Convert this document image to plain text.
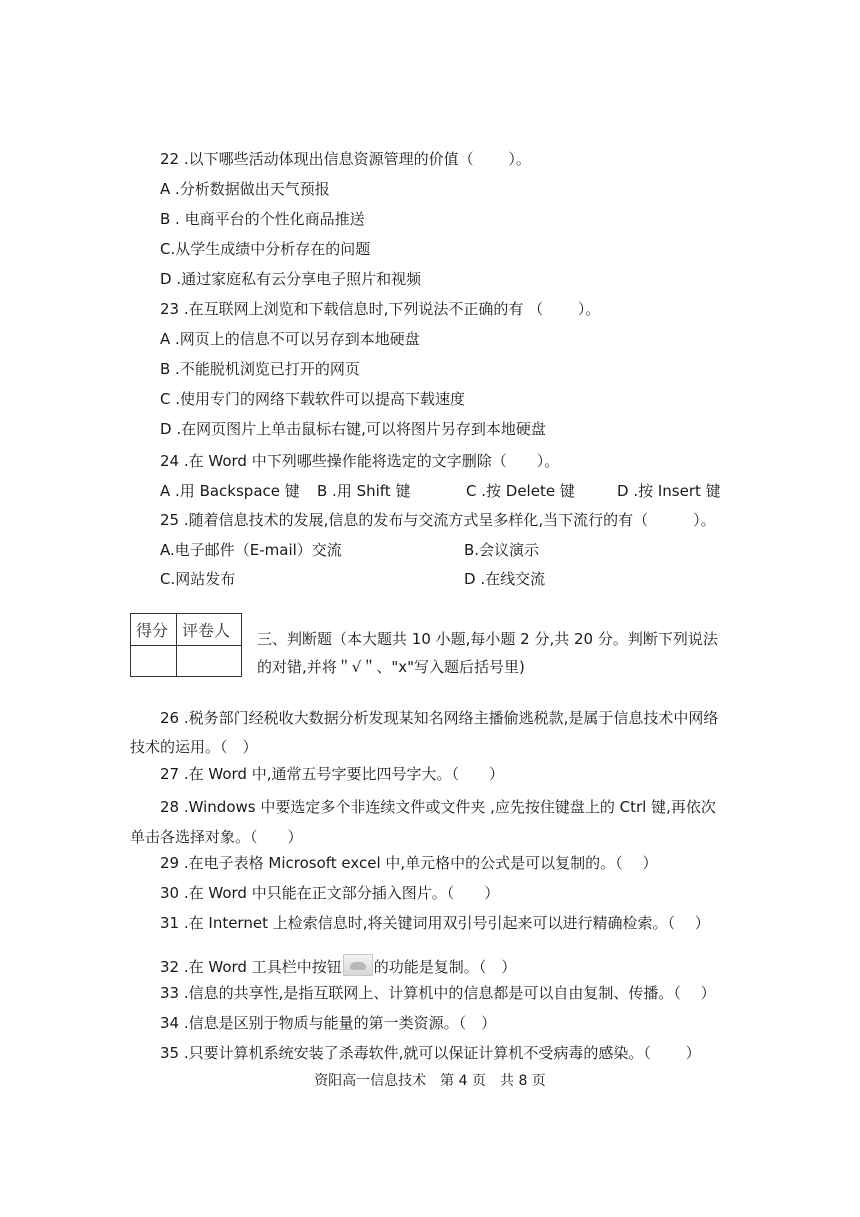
22 .以下哪些活动体现出信息资源管理的价值（　　 ）。
A .分析数据做出天气预报
B . 电商平台的个性化商品推送
C.从学生成绩中分析存在的问题
D .通过家庭私有云分享电子照片和视频
23 .在互联网上浏览和下载信息时,下列说法不正确的有 （　　 ）。
A .网页上的信息不可以另存到本地硬盘
B .不能脱机浏览已打开的网页
C .使用专门的网络下载软件可以提高下载速度
D .在网页图片上单击鼠标右键,可以将图片另存到本地硬盘
24 .在 Word 中下列哪些操作能将选定的文字删除（　　）。
A .用 Backspace 键 B .用 Shift 键	C .按 Delete 键	D .按 Insert 键
25 .随着信息技术的发展,信息的发布与交流方式呈多样化,当下流行的有（　　　）。
A.电子邮件（E-mail）交流	B.会议演示
C.网站发布	D .在线交流
得分 评卷人 三、判断题（本大题共 10 小题,每小题 2 分,共 20 分。判断下列说法
的对错,并将＂√＂、"x"写入题后括号里)
26 .税务部门经税收大数据分析发现某知名网络主播偷逃税款,是属于信息技术中网络
技术的运用。（　）
27 .在 Word 中,通常五号字要比四号字大。（　　）
28 .Windows 中要选定多个非连续文件或文件夹 ,应先按住键盘上的 Ctrl 键,再依次
单击各选择对象。（　　）
29 .在电子表格 Microsoft excel 中,单元格中的公式是可以复制的。（　 ）
30 .在 Word 中只能在正文部分插入图片。（　　）
31 .在 Internet 上检索信息时,将关键词用双引号引起来可以进行精确检索。（　 ）
32 .在 Word 工具栏中按钮 的功能是复制。（　）
33 .信息的共享性,是指互联网上、计算机中的信息都是可以自由复制、传播。（　 ）
34 .信息是区别于物质与能量的第一类资源。（　）
35 .只要计算机系统安装了杀毒软件,就可以保证计算机不受病毒的感染。（　　 ）
资阳高一信息技术　第 4 页　共 8 页
